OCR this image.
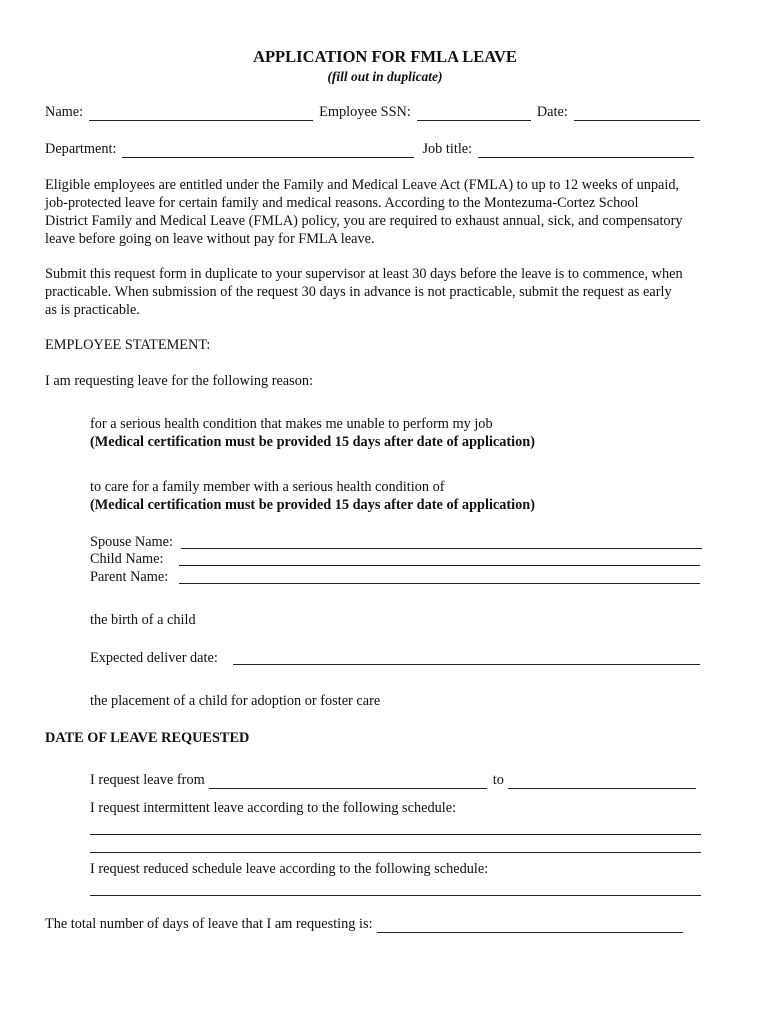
APPLICATION FOR FMLA LEAVE
(fill out in duplicate)
Name:	Employee SSN:	Date:
Department:	Job title:
Eligible employees are entitled under the Family and Medical Leave Act (FMLA) to up to 12 weeks of unpaid,
job-protected leave for certain family and medical reasons. According to the Montezuma-Cortez School
District Family and Medical Leave (FMLA) policy, you are required to exhaust annual, sick, and compensatory
leave before going on leave without pay for FMLA leave.
Submit this request form in duplicate to your supervisor at least 30 days before the leave is to commence, when
practicable. When submission of the request 30 days in advance is not practicable, submit the request as early
as is practicable.
EMPLOYEE STATEMENT:
I am requesting leave for the following reason:
for a serious health condition that makes me unable to perform my job
(Medical certification must be provided 15 days after date of application)
to care for a family member with a serious health condition of
(Medical certification must be provided 15 days after date of application)
Spouse Name:
Child Name:
Parent Name:
the birth of a child
Expected deliver date:
the placement of a child for adoption or foster care
DATE OF LEAVE REQUESTED
I request leave from	to
I request intermittent leave according to the following schedule:
I request reduced schedule leave according to the following schedule:
The total number of days of leave that I am requesting is:
